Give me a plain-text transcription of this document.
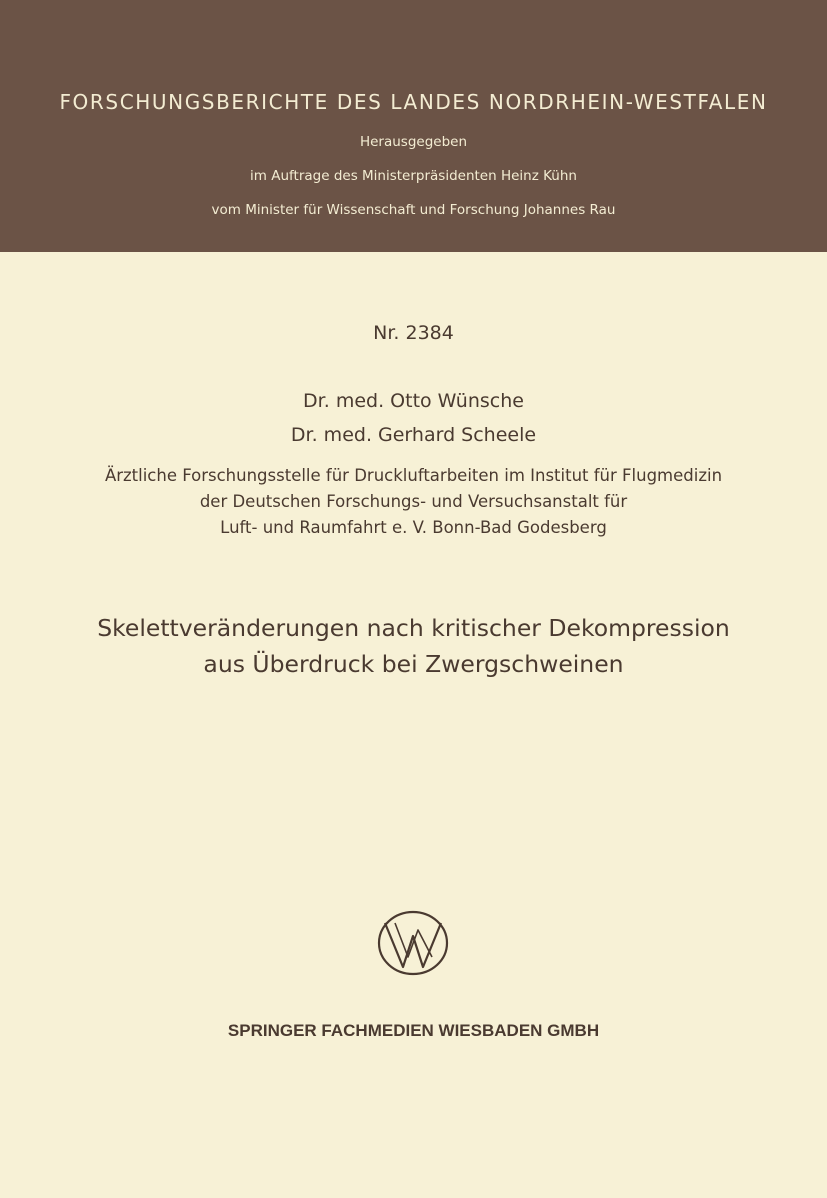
FORSCHUNGSBERICHTE DES LANDES NORDRHEIN-WESTFALEN
Herausgegeben
im Auftrage des Ministerpräsidenten Heinz Kühn
vom Minister für Wissenschaft und Forschung Johannes Rau
Nr. 2384
Dr. med. Otto Wünsche
Dr. med. Gerhard Scheele
Ärztliche Forschungsstelle für Druckluftarbeiten im Institut für Flugmedizin
der Deutschen Forschungs- und Versuchsanstalt für
Luft- und Raumfahrt e. V. Bonn-Bad Godesberg
Skelettveränderungen nach kritischer Dekompression
aus Überdruck bei Zwergschweinen
SPRINGER FACHMEDIEN WIESBADEN GMBH
